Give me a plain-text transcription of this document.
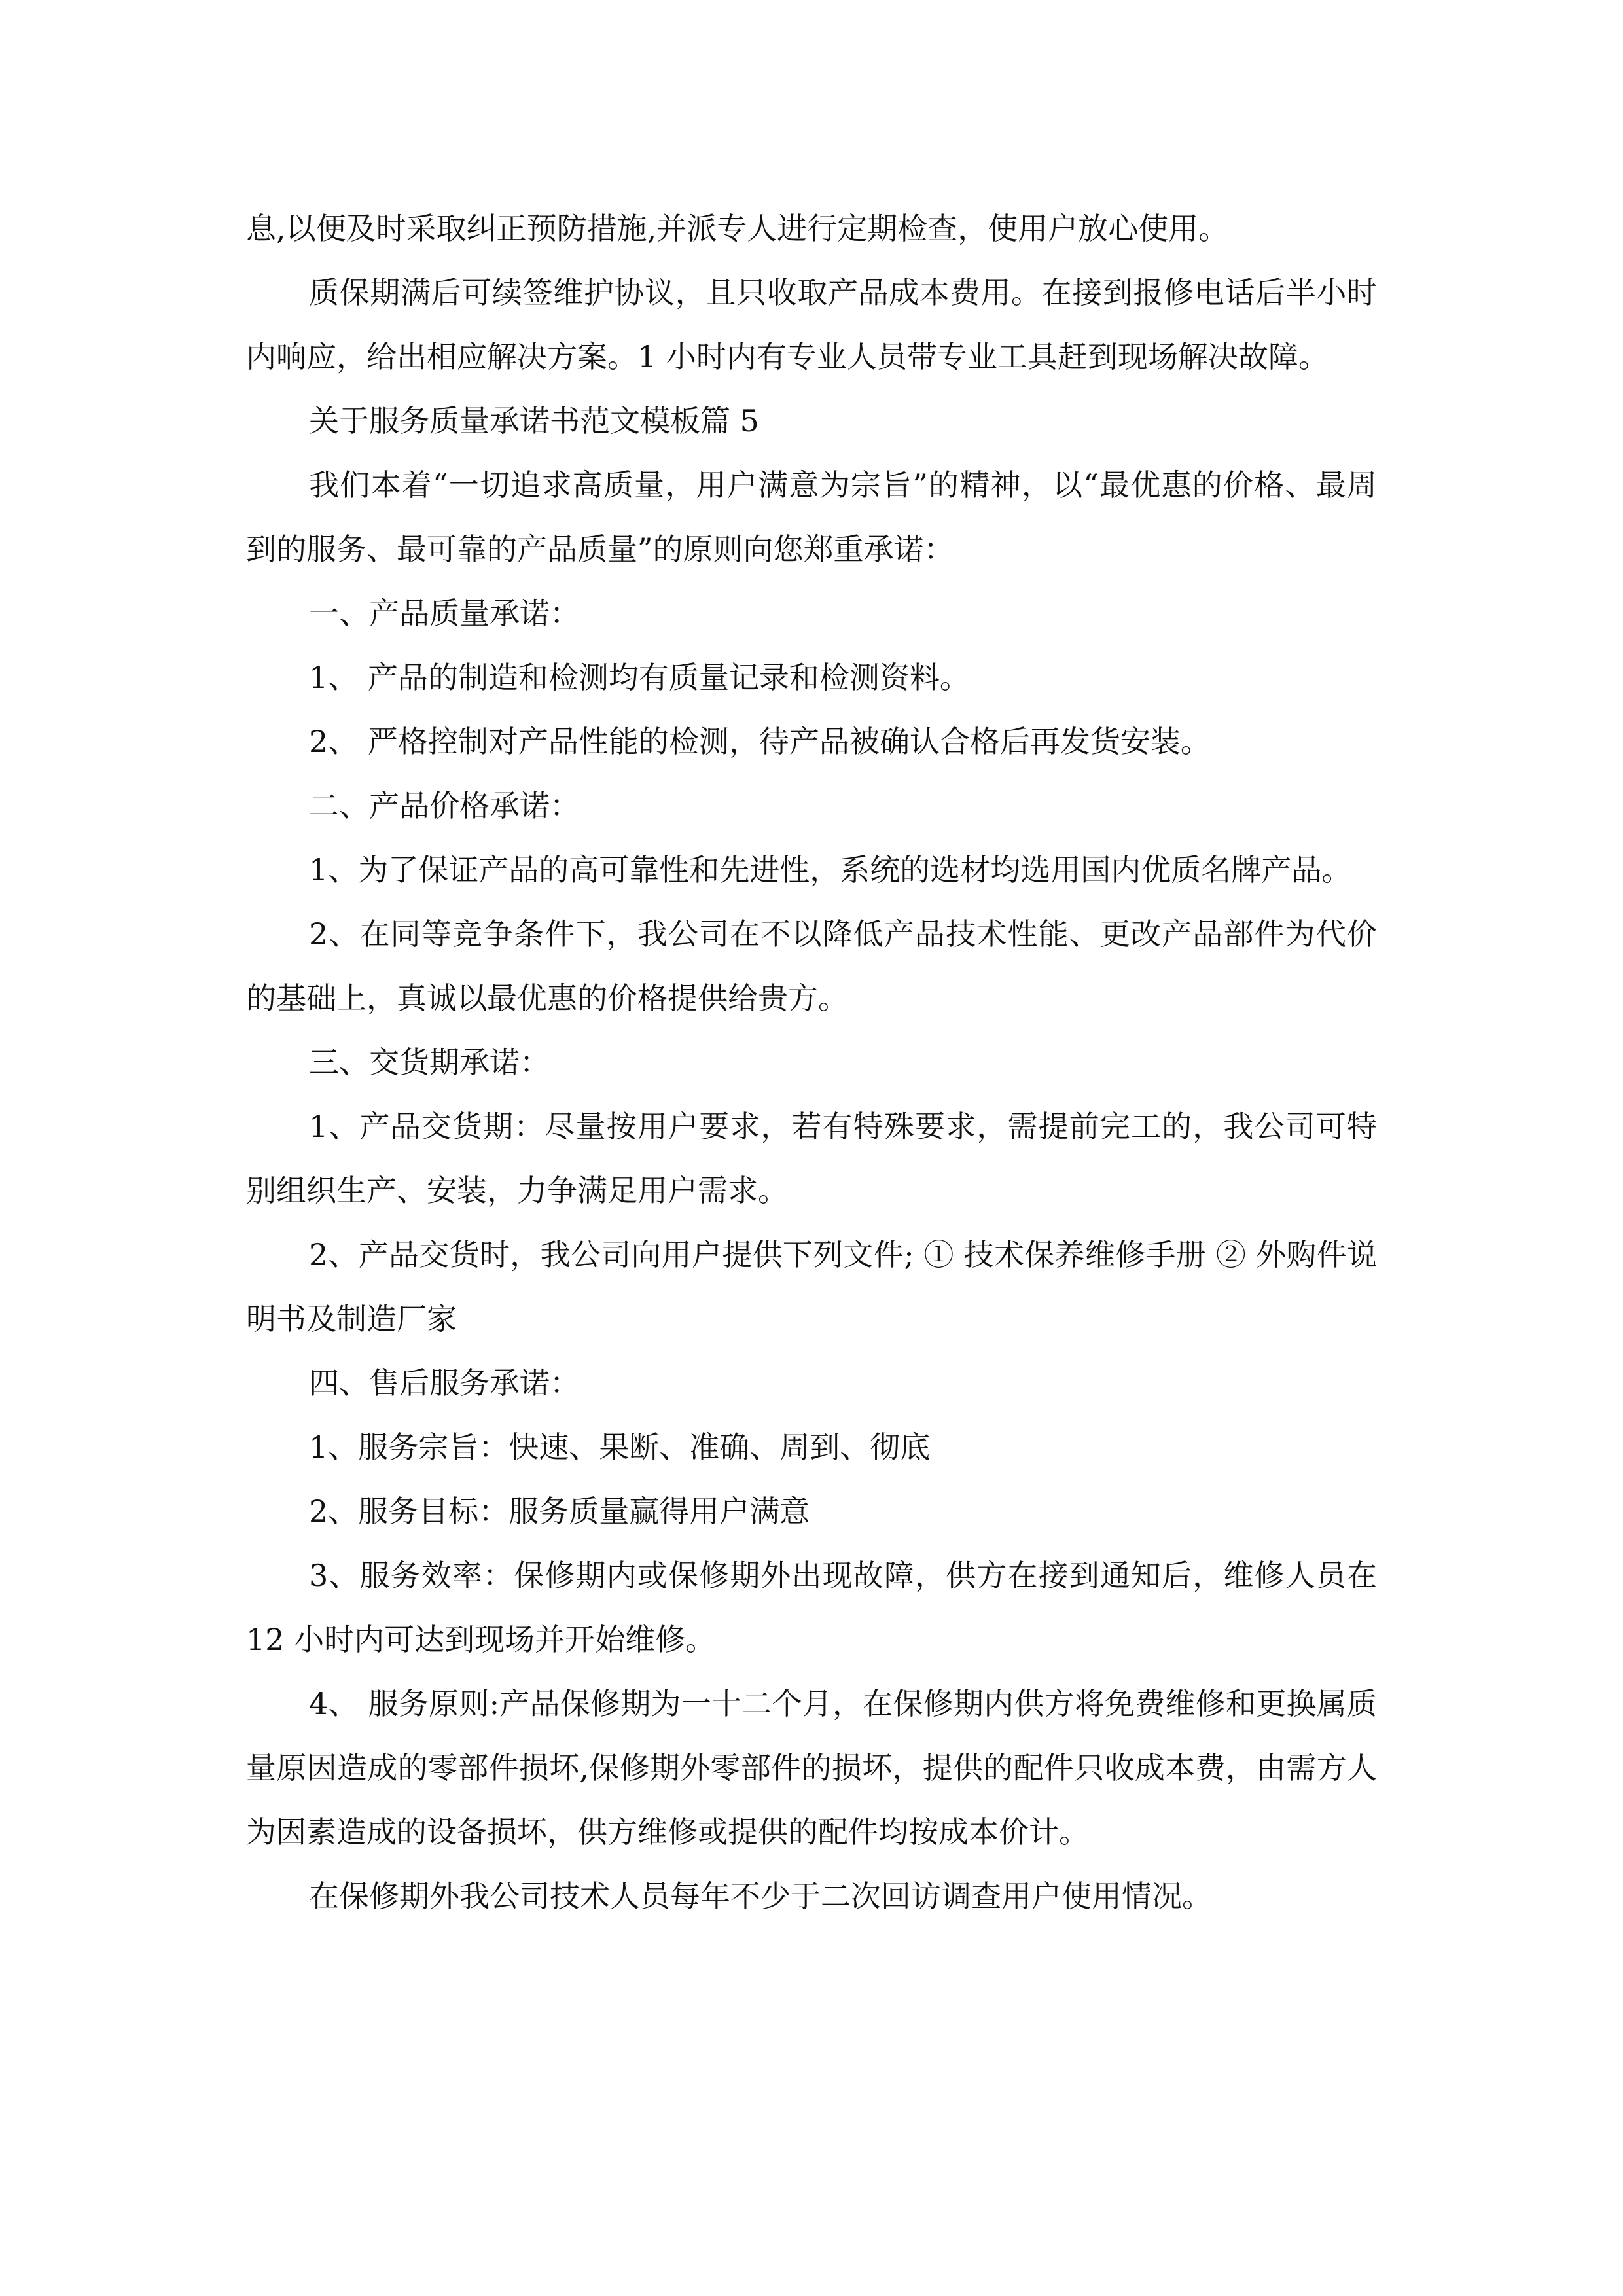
息,以便及时采取纠正预防措施,并派专人进行定期检查，使用户放心使用。

质保期满后可续签维护协议，且只收取产品成本费用。在接到报修电话后半小时内响应，给出相应解决方案。1 小时内有专业人员带专业工具赶到现场解决故障。

关于服务质量承诺书范文模板篇 5

我们本着“一切追求高质量，用户满意为宗旨”的精神，以“最优惠的价格、最周到的服务、最可靠的产品质量”的原则向您郑重承诺：

一、产品质量承诺：

1、 产品的制造和检测均有质量记录和检测资料。

2、 严格控制对产品性能的检测，待产品被确认合格后再发货安装。

二、产品价格承诺：

1、为了保证产品的高可靠性和先进性，系统的选材均选用国内优质名牌产品。

2、在同等竞争条件下，我公司在不以降低产品技术性能、更改产品部件为代价的基础上，真诚以最优惠的价格提供给贵方。

三、交货期承诺：

1、产品交货期：尽量按用户要求，若有特殊要求，需提前完工的，我公司可特别组织生产、安装，力争满足用户需求。

2、产品交货时，我公司向用户提供下列文件; ① 技术保养维修手册 ② 外购件说明书及制造厂家

四、售后服务承诺：

1、服务宗旨：快速、果断、准确、周到、彻底

2、服务目标：服务质量赢得用户满意

3、服务效率：保修期内或保修期外出现故障，供方在接到通知后，维修人员在 12 小时内可达到现场并开始维修。

4、 服务原则:产品保修期为一十二个月，在保修期内供方将免费维修和更换属质量原因造成的零部件损坏,保修期外零部件的损坏，提供的配件只收成本费，由需方人为因素造成的设备损坏，供方维修或提供的配件均按成本价计。

在保修期外我公司技术人员每年不少于二次回访调查用户使用情况。
